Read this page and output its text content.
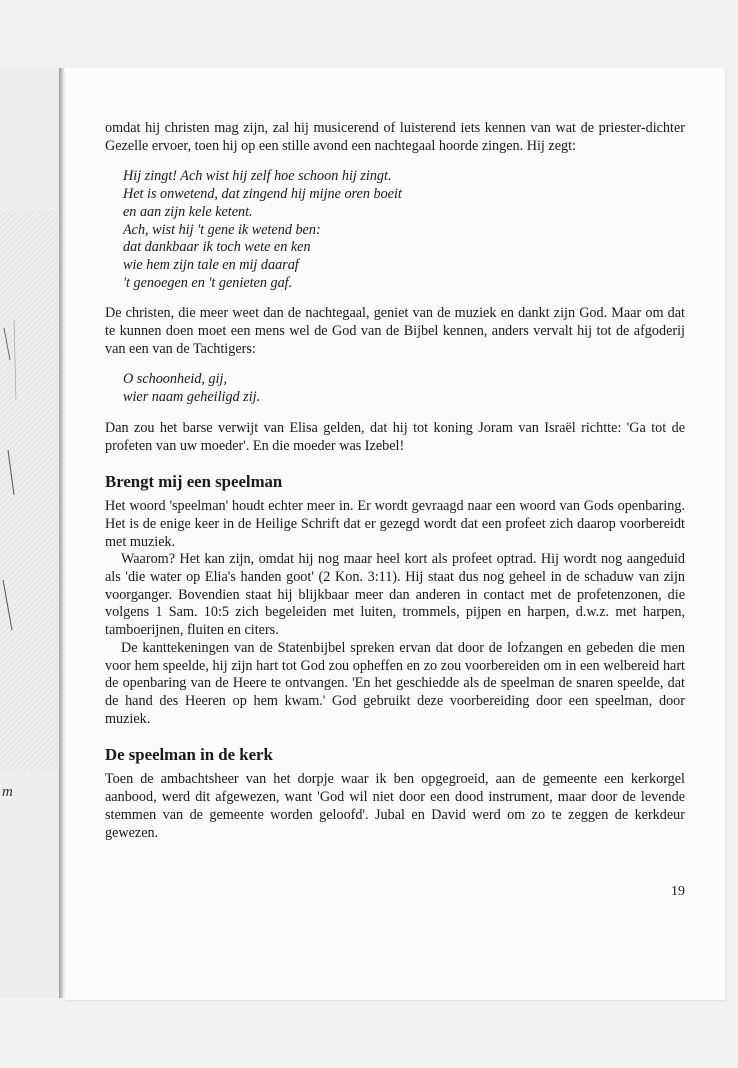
m

omdat hij christen mag zijn, zal hij musicerend of luisterend iets kennen van wat de priester-dichter Gezelle ervoer, toen hij op een stille avond een nachtegaal hoorde zingen. Hij zegt:

Hij zingt! Ach wist hij zelf hoe schoon hij zingt.
Het is onwetend, dat zingend hij mijne oren boeit
en aan zijn kele ketent.
Ach, wist hij 't gene ik wetend ben:
dat dankbaar ik toch wete en ken
wie hem zijn tale en mij daaraf
't genoegen en 't genieten gaf.

De christen, die meer weet dan de nachtegaal, geniet van de muziek en dankt zijn God. Maar om dat te kunnen doen moet een mens wel de God van de Bijbel kennen, anders vervalt hij tot de afgoderij van een van de Tachtigers:

O schoonheid, gij,
wier naam geheiligd zij.

Dan zou het barse verwijt van Elisa gelden, dat hij tot koning Joram van Israël richtte: 'Ga tot de profeten van uw moeder'. En die moeder was Izebel!

Brengt mij een speelman

Het woord 'speelman' houdt echter meer in. Er wordt gevraagd naar een woord van Gods openbaring. Het is de enige keer in de Heilige Schrift dat er gezegd wordt dat een profeet zich daarop voorbereidt met muziek.

Waarom? Het kan zijn, omdat hij nog maar heel kort als profeet optrad. Hij wordt nog aangeduid als 'die water op Elia's handen goot' (2 Kon. 3:11). Hij staat dus nog geheel in de schaduw van zijn voorganger. Bovendien staat hij blijkbaar meer dan anderen in contact met de profetenzonen, die volgens 1 Sam. 10:5 zich begeleiden met luiten, trommels, pijpen en harpen, d.w.z. met harpen, tamboerijnen, fluiten en citers.

De kanttekeningen van de Statenbijbel spreken ervan dat door de lofzangen en gebeden die men voor hem speelde, hij zijn hart tot God zou opheffen en zo zou voorbereiden om in een welbereid hart de openbaring van de Heere te ontvangen. 'En het geschiedde als de speelman de snaren speelde, dat de hand des Heeren op hem kwam.' God gebruikt deze voorbereiding door een speelman, door muziek.

De speelman in de kerk

Toen de ambachtsheer van het dorpje waar ik ben opgegroeid, aan de gemeente een kerkorgel aanbood, werd dit afgewezen, want 'God wil niet door een dood instrument, maar door de levende stemmen van de gemeente worden geloofd'. Jubal en David werd om zo te zeggen de kerkdeur gewezen.

19
